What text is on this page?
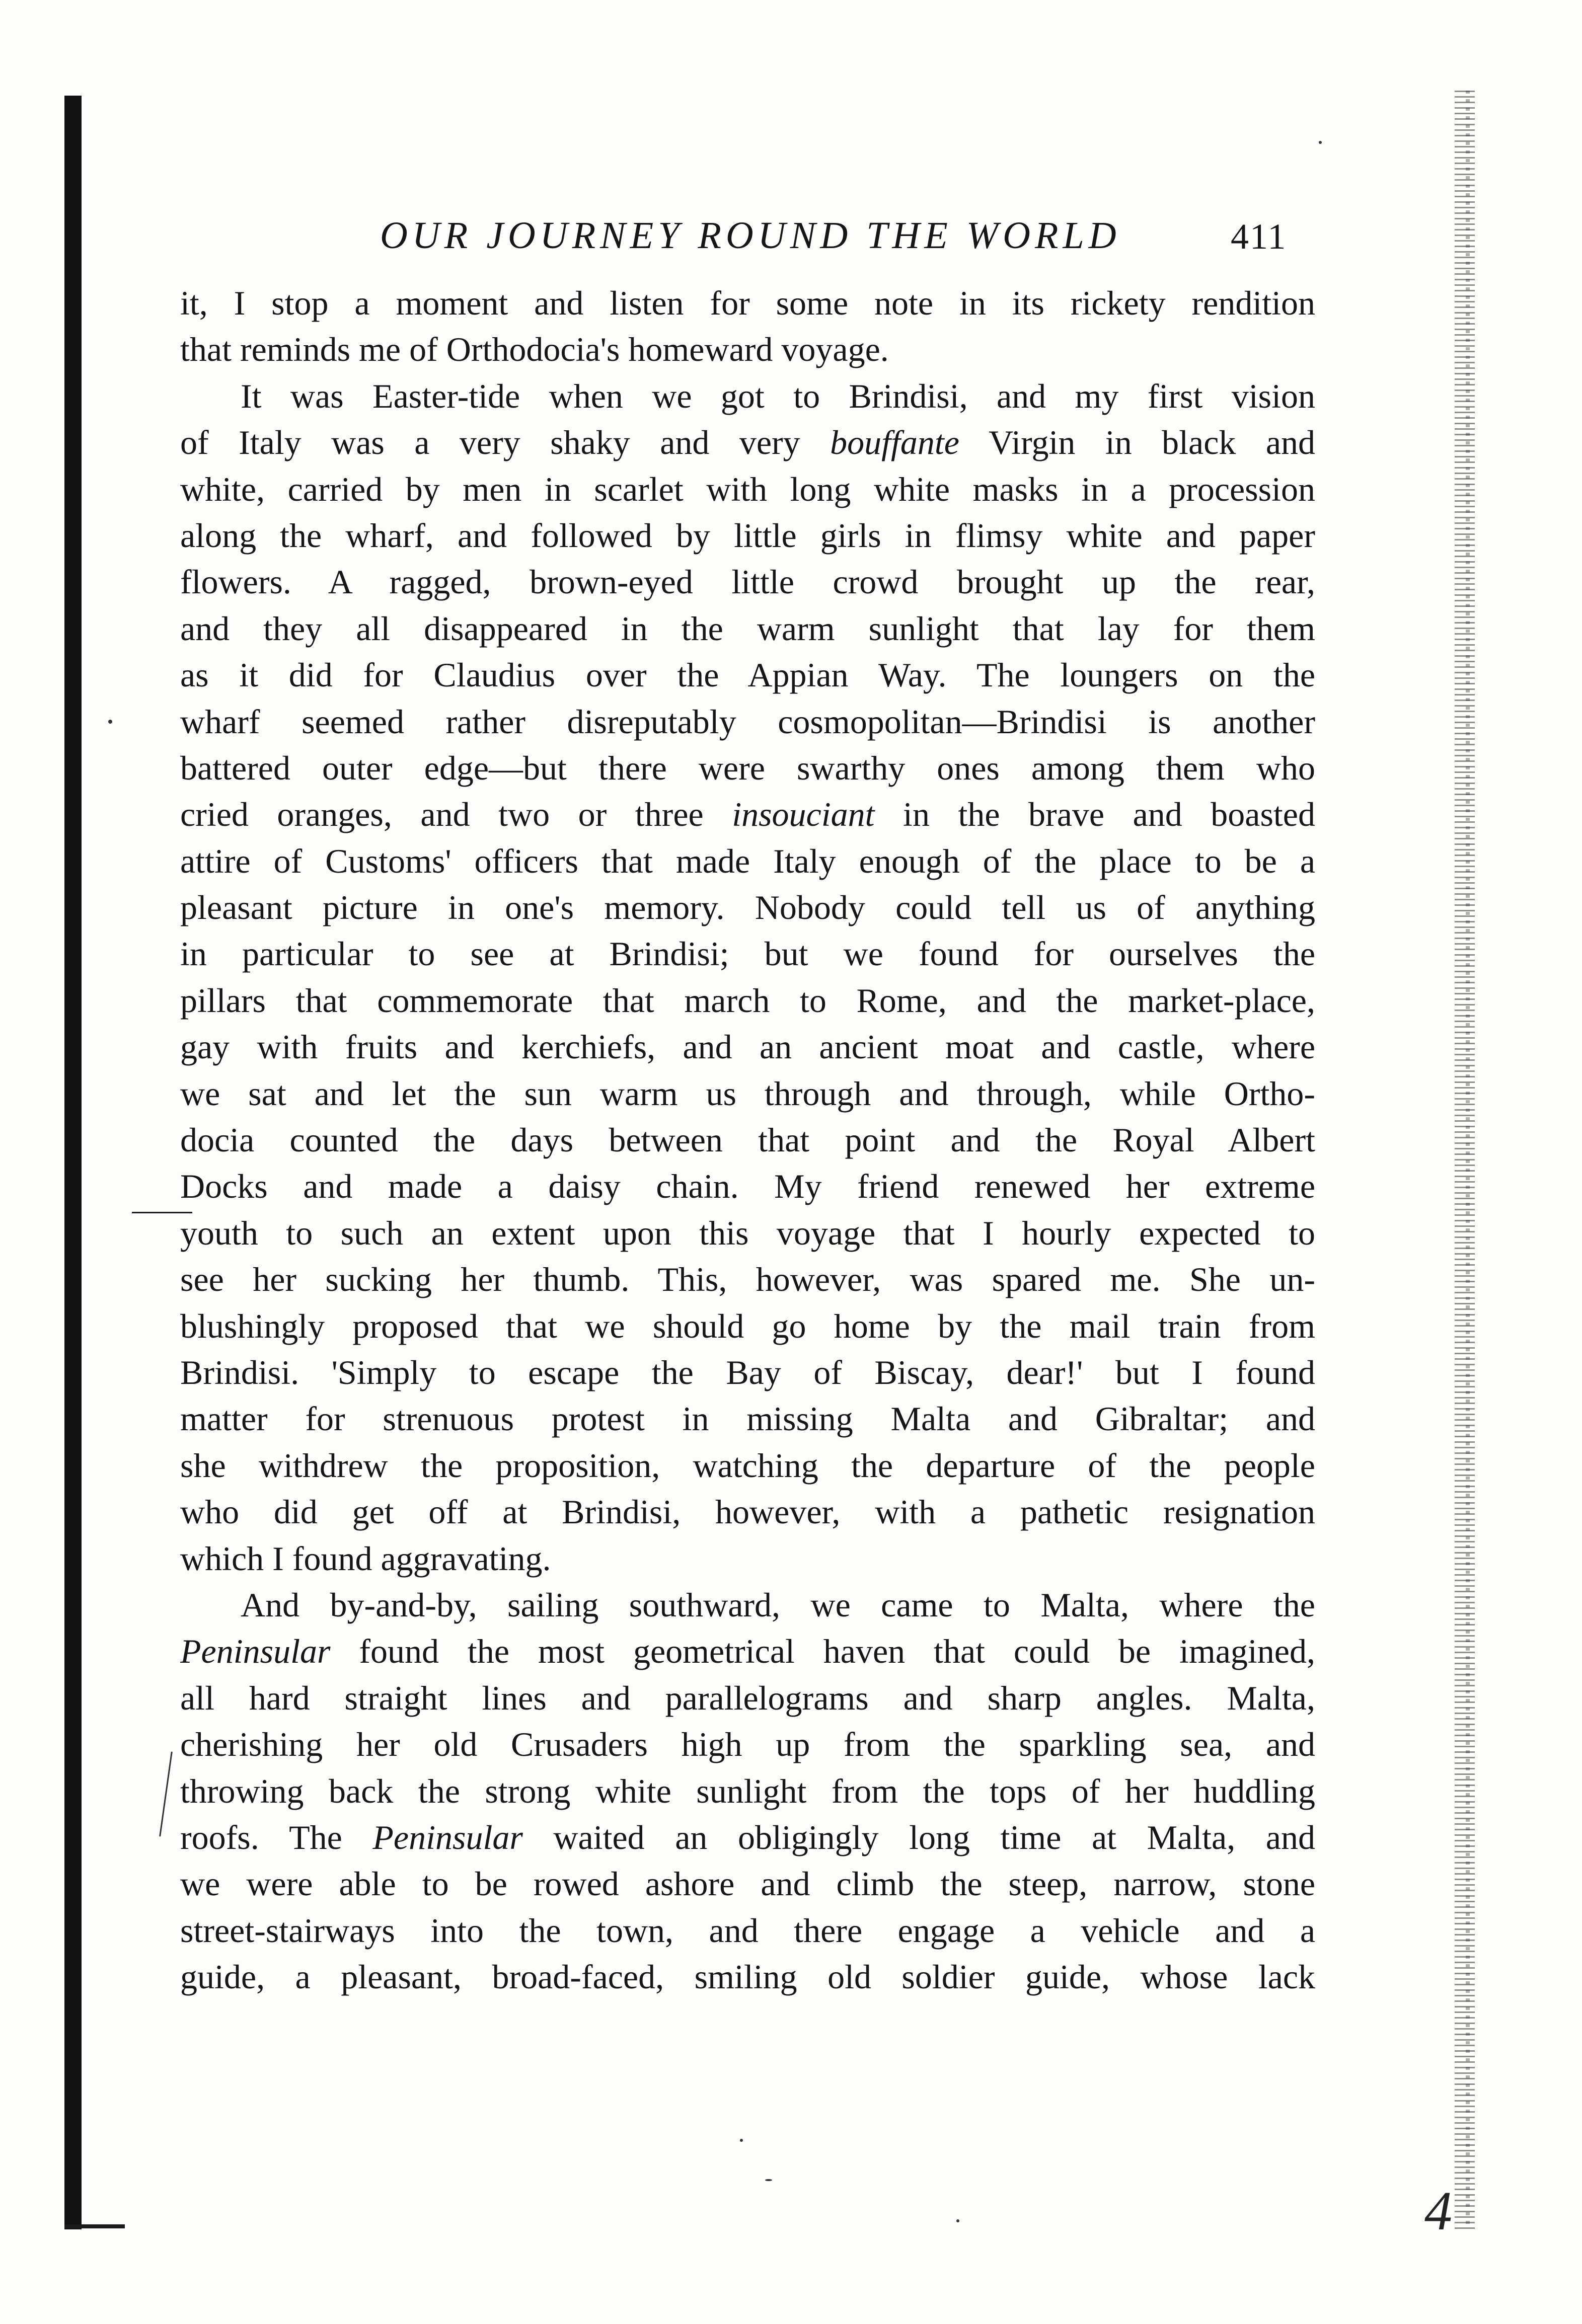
OUR JOURNEY ROUND THE WORLD	411
it, I stop a moment and listen for some note in its rickety rendition
that reminds me of Orthodocia's homeward voyage.
It was Easter-tide when we got to Brindisi, and my first vision
of Italy was a very shaky and very bouffante Virgin in black and
white, carried by men in scarlet with long white masks in a procession
along the wharf, and followed by little girls in flimsy white and paper
flowers. A ragged, brown-eyed little crowd brought up the rear,
and they all disappeared in the warm sunlight that lay for them
as it did for Claudius over the Appian Way. The loungers on the
wharf seemed rather disreputably cosmopolitan—Brindisi is another
battered outer edge—but there were swarthy ones among them who
cried oranges, and two or three insouciant in the brave and boasted
attire of Customs' officers that made Italy enough of the place to be a
pleasant picture in one's memory. Nobody could tell us of anything
in particular to see at Brindisi; but we found for ourselves the
pillars that commemorate that march to Rome, and the market-place,
gay with fruits and kerchiefs, and an ancient moat and castle, where
we sat and let the sun warm us through and through, while Ortho-
docia counted the days between that point and the Royal Albert
Docks and made a daisy chain. My friend renewed her extreme
youth to such an extent upon this voyage that I hourly expected to
see her sucking her thumb. This, however, was spared me. She un-
blushingly proposed that we should go home by the mail train from
Brindisi. 'Simply to escape the Bay of Biscay, dear!' but I found
matter for strenuous protest in missing Malta and Gibraltar; and
she withdrew the proposition, watching the departure of the people
who did get off at Brindisi, however, with a pathetic resignation
which I found aggravating.
And by-and-by, sailing southward, we came to Malta, where the
Peninsular found the most geometrical haven that could be imagined,
all hard straight lines and parallelograms and sharp angles. Malta,
cherishing her old Crusaders high up from the sparkling sea, and
throwing back the strong white sunlight from the tops of her huddling
roofs. The Peninsular waited an obligingly long time at Malta, and
we were able to be rowed ashore and climb the steep, narrow, stone
street-stairways into the town, and there engage a vehicle and a
guide, a pleasant, broad-faced, smiling old soldier guide, whose lack
4
